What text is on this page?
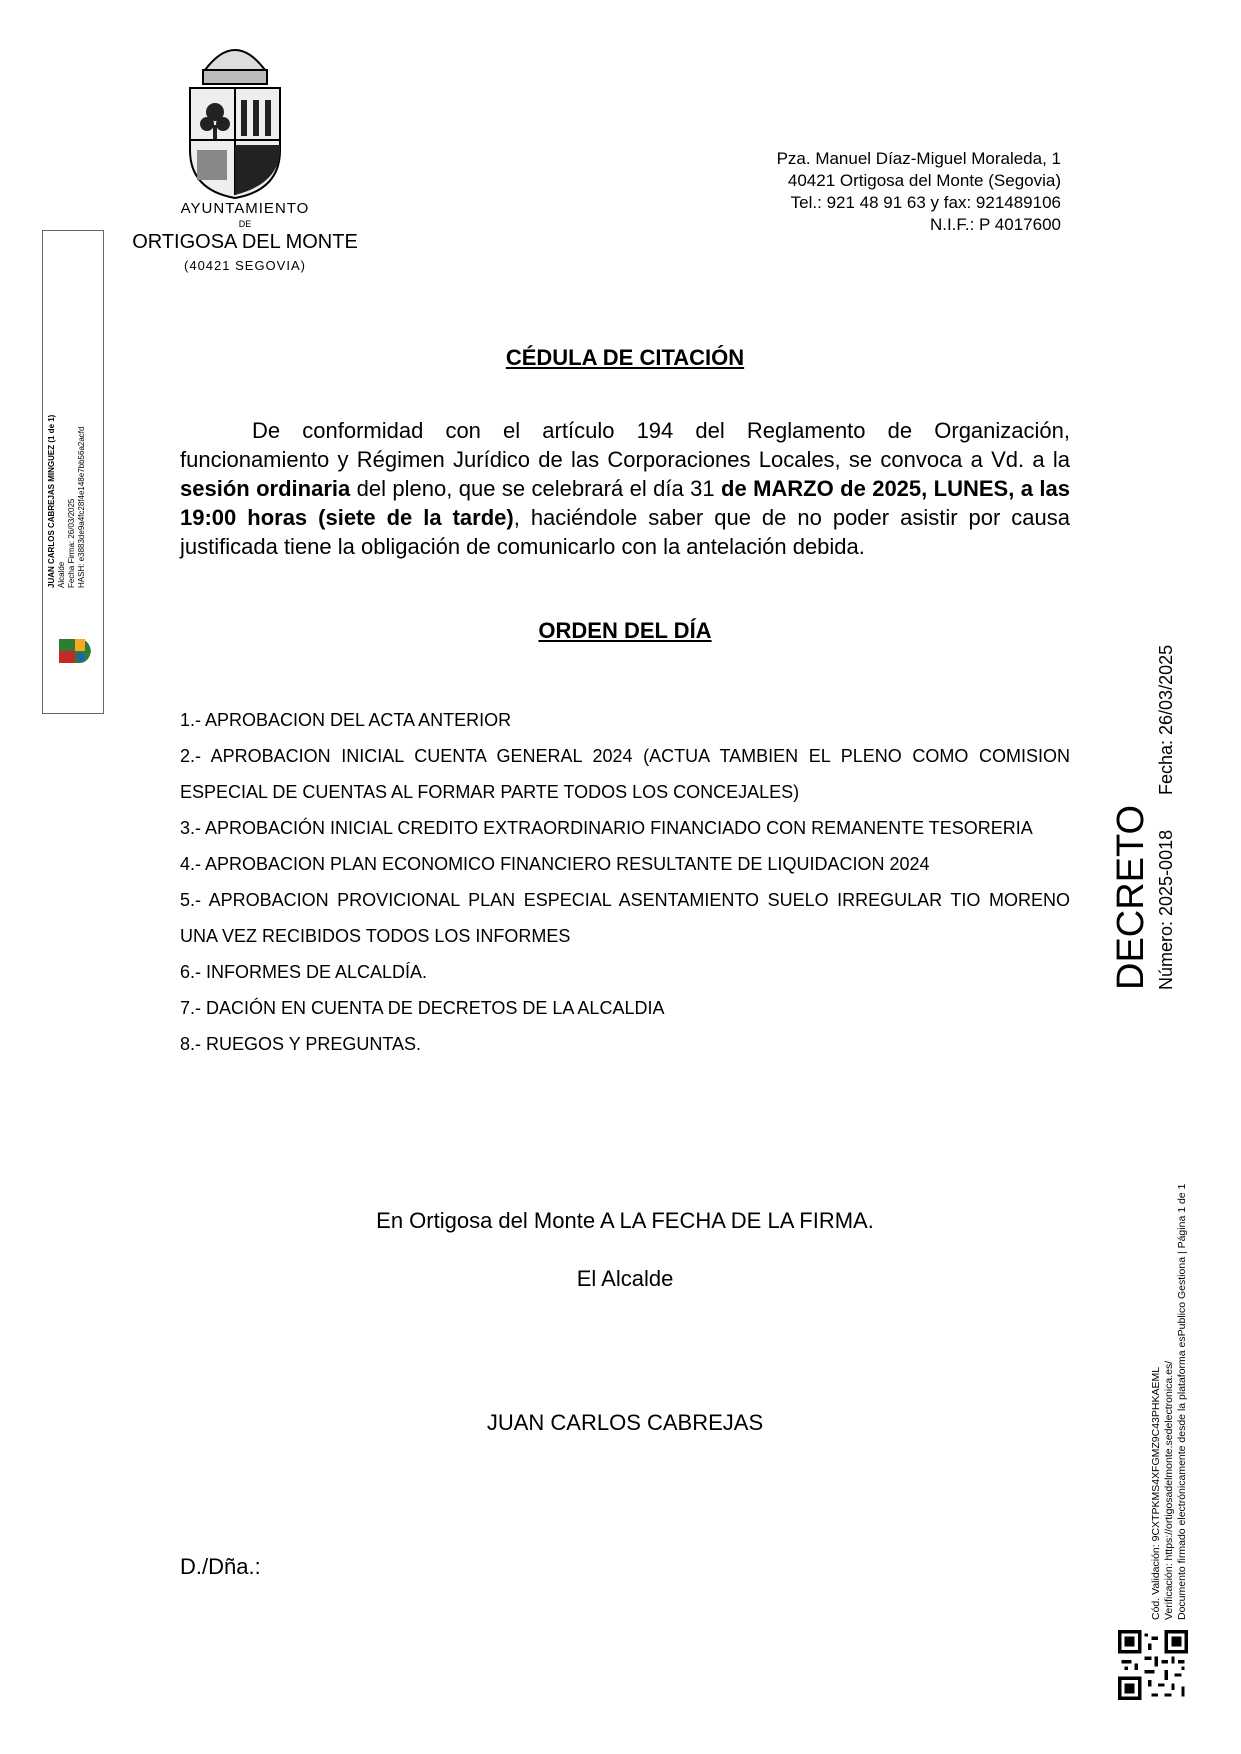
AYUNTAMIENTO
DE
ORTIGOSA DEL MONTE
(40421 SEGOVIA)
Pza. Manuel Díaz-Miguel Moraleda, 1
40421 Ortigosa del Monte (Segovia)
Tel.: 921 48 91 63 y fax: 921489106
N.I.F.: P 4017600
JUAN CARLOS CABREJAS MINGUEZ (1 de 1) Alcalde Fecha Firma: 26/03/2025 HASH: e3883de9a4fc28f4e148e7bb56a2acfd
CÉDULA DE CITACIÓN
De conformidad con el artículo 194 del Reglamento de Organización, funcionamiento y Régimen Jurídico de las Corporaciones Locales, se convoca a Vd. a la sesión ordinaria del pleno, que se celebrará el día 31 de MARZO de 2025, LUNES, a las 19:00 horas (siete de la tarde), haciéndole saber que de no poder asistir por causa justificada tiene la obligación de comunicarlo con la antelación debida.
ORDEN DEL DÍA
1.- APROBACION DEL ACTA ANTERIOR
2.- APROBACION INICIAL CUENTA GENERAL 2024 (ACTUA TAMBIEN EL PLENO COMO COMISION ESPECIAL DE CUENTAS AL FORMAR PARTE TODOS LOS CONCEJALES)
3.- APROBACIÓN INICIAL CREDITO EXTRAORDINARIO FINANCIADO CON REMANENTE TESORERIA
4.- APROBACION PLAN ECONOMICO FINANCIERO RESULTANTE DE LIQUIDACION 2024
5.- APROBACION PROVICIONAL PLAN ESPECIAL ASENTAMIENTO SUELO IRREGULAR TIO MORENO UNA VEZ RECIBIDOS TODOS LOS INFORMES
6.- INFORMES DE ALCALDÍA.
7.- DACIÓN EN CUENTA DE DECRETOS DE LA ALCALDIA
8.- RUEGOS Y PREGUNTAS.
En Ortigosa del Monte A LA FECHA DE LA FIRMA.
El Alcalde
JUAN CARLOS CABREJAS
D./Dña.:
DECRETO Número: 2025-0018
Fecha: 26/03/2025
Cód. Validación: 9CXTPKMS4XFGMZ9C43PHKAEML Verificación: https://ortigosadelmonte.sedelectronica.es/ Documento firmado electrónicamente desde la plataforma esPublico Gestiona | Página 1 de 1
